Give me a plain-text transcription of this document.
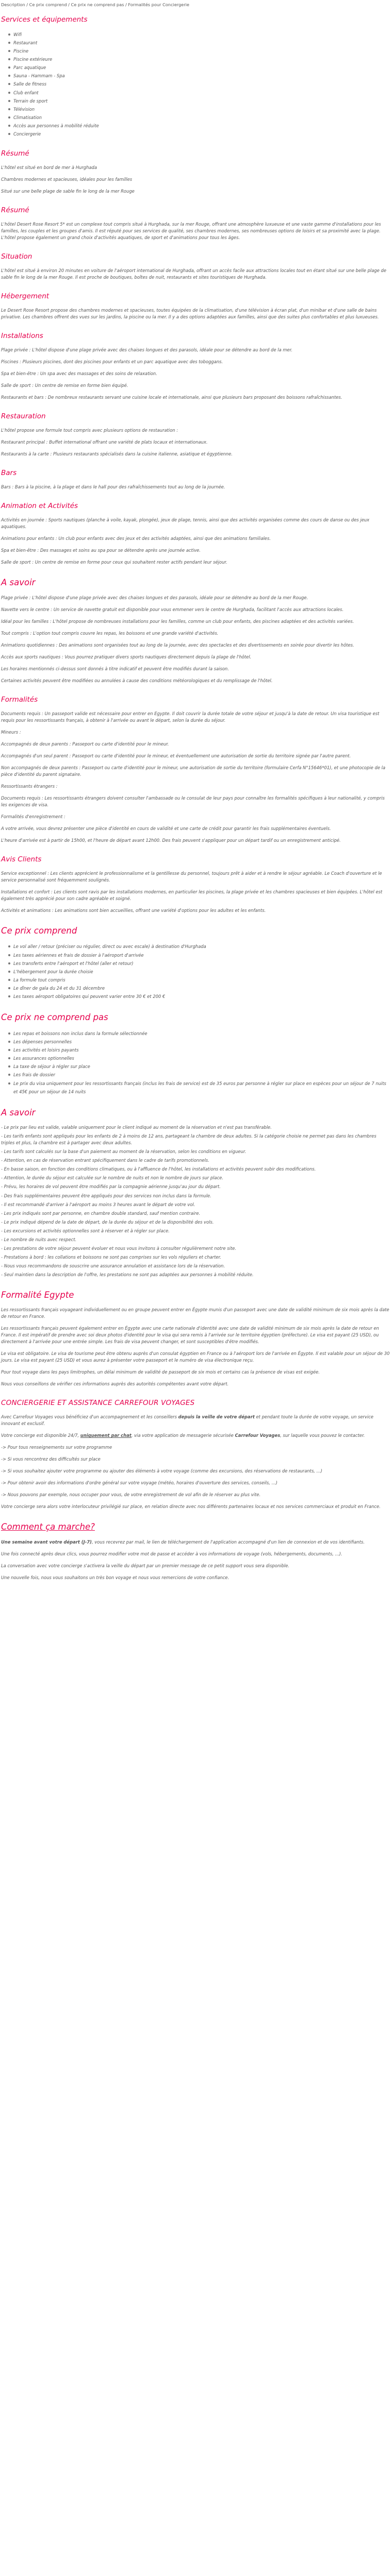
Description / Ce prix comprend / Ce prix ne comprend pas / Formalités pour Conciergerie
Services et équipements
Wifi
Restaurant
Piscine
Piscine extérieure
Parc aquatique
Sauna - Hammam - Spa
Salle de fitness
Club enfant
Terrain de sport
Télévision
Climatisation
Accès aux personnes à mobilité réduite
Conciergerie
Résumé

L'hôtel est situé en bord de mer à Hurghada

Chambres modernes et spacieuses, idéales pour les familles

Situé sur une belle plage de sable fin le long de la mer Rouge

Résumé

L'hôtel Desert Rose Resort 5* est un complexe tout compris situé à Hurghada, sur la mer Rouge, offrant une atmosphère luxueuse et une vaste gamme d'installations pour les familles, les couples et les groupes d'amis. Il est réputé pour ses services de qualité, ses chambres modernes, ses nombreuses options de loisirs et sa proximité avec la plage. L'hôtel propose également un grand choix d'activités aquatiques, de sport et d'animations pour tous les âges.

Situation

L'hôtel est situé à environ 20 minutes en voiture de l'aéroport international de Hurghada, offrant un accès facile aux attractions locales tout en étant situé sur une belle plage de sable fin le long de la mer Rouge. Il est proche de boutiques, boîtes de nuit, restaurants et sites touristiques de Hurghada.

Hébergement

Le Desert Rose Resort propose des chambres modernes et spacieuses, toutes équipées de la climatisation, d'une télévision à écran plat, d'un minibar et d'une salle de bains privative. Les chambres offrent des vues sur les jardins, la piscine ou la mer. Il y a des options adaptées aux familles, ainsi que des suites plus confortables et plus luxueuses.

Installations

Plage privée : L'hôtel dispose d'une plage privée avec des chaises longues et des parasols, idéale pour se détendre au bord de la mer.

Piscines : Plusieurs piscines, dont des piscines pour enfants et un parc aquatique avec des toboggans.

Spa et bien-être : Un spa avec des massages et des soins de relaxation.

Salle de sport : Un centre de remise en forme bien équipé.

Restaurants et bars : De nombreux restaurants servant une cuisine locale et internationale, ainsi que plusieurs bars proposant des boissons rafraîchissantes.

Restauration

L'hôtel propose une formule tout compris avec plusieurs options de restauration :

Restaurant principal : Buffet international offrant une variété de plats locaux et internationaux.

Restaurants à la carte : Plusieurs restaurants spécialisés dans la cuisine italienne, asiatique et égyptienne.

Bars

Bars : Bars à la piscine, à la plage et dans le hall pour des rafraîchissements tout au long de la journée.

Animation et Activités

Activités en journée : Sports nautiques (planche à voile, kayak, plongée), jeux de plage, tennis, ainsi que des activités organisées comme des cours de danse ou des jeux aquatiques.

Animations pour enfants : Un club pour enfants avec des jeux et des activités adaptées, ainsi que des animations familiales.

Spa et bien-être : Des massages et soins au spa pour se détendre après une journée active.

Salle de sport : Un centre de remise en forme pour ceux qui souhaitent rester actifs pendant leur séjour.

A savoir

Plage privée : L'hôtel dispose d'une plage privée avec des chaises longues et des parasols, idéale pour se détendre au bord de la mer Rouge.

Navette vers le centre : Un service de navette gratuit est disponible pour vous emmener vers le centre de Hurghada, facilitant l'accès aux attractions locales.

Idéal pour les familles : L'hôtel propose de nombreuses installations pour les familles, comme un club pour enfants, des piscines adaptées et des activités variées.

Tout compris : L'option tout compris couvre les repas, les boissons et une grande variété d'activités.

Animations quotidiennes : Des animations sont organisées tout au long de la journée, avec des spectacles et des divertissements en soirée pour divertir les hôtes.

Accès aux sports nautiques : Vous pourrez pratiquer divers sports nautiques directement depuis la plage de l'hôtel.

Les horaires mentionnés ci-dessus sont donnés à titre indicatif et peuvent être modifiés durant la saison.

Certaines activités peuvent être modifiées ou annulées à cause des conditions météorologiques et du remplissage de l'hôtel.

Formalités

Documents requis : Un passeport valide est nécessaire pour entrer en Egypte. Il doit couvrir la durée totale de votre séjour et jusqu'à la date de retour. Un visa touristique est requis pour les ressortissants français, à obtenir à l'arrivée ou avant le départ, selon la durée du séjour.

Mineurs :

Accompagnés de deux parents : Passeport ou carte d'identité pour le mineur.

Accompagnés d'un seul parent : Passeport ou carte d'identité pour le mineur, et éventuellement une autorisation de sortie du territoire signée par l'autre parent.

Non accompagnés de deux parents : Passeport ou carte d'identité pour le mineur, une autorisation de sortie du territoire (formulaire Cerfa N°15646*01), et une photocopie de la pièce d'identité du parent signataire.

Ressortissants étrangers :

Documents requis : Les ressortissants étrangers doivent consulter l'ambassade ou le consulat de leur pays pour connaître les formalités spécifiques à leur nationalité, y compris les exigences de visa.

Formalités d'enregistrement :

A votre arrivée, vous devrez présenter une pièce d'identité en cours de validité et une carte de crédit pour garantir les frais supplémentaires éventuels.

L'heure d'arrivée est à partir de 15h00, et l'heure de départ avant 12h00. Des frais peuvent s'appliquer pour un départ tardif ou un enregistrement anticipé.

Avis Clients

Service exceptionnel : Les clients apprécient le professionnalisme et la gentillesse du personnel, toujours prêt à aider et à rendre le séjour agréable. Le Coach d'ouverture et le service personnalisé sont fréquemment soulignés.

Installations et confort : Les clients sont ravis par les installations modernes, en particulier les piscines, la plage privée et les chambres spacieuses et bien équipées. L'hôtel est également très apprécié pour son cadre agréable et soigné.

Activités et animations : Les animations sont bien accueillies, offrant une variété d'options pour les adultes et les enfants.

Ce prix comprend
Le vol aller / retour (préciser ou régulier, direct ou avec escale) à destination d'Hurghada
Les taxes aériennes et frais de dossier à l'aéroport d'arrivée
Les transferts entre l'aéroport et l'hôtel (aller et retour)
L'hébergement pour la durée choisie
La formule tout compris
Le dîner de gala du 24 et du 31 décembre
Les taxes aéroport obligatoires qui peuvent varier entre 30 € et 200 €
Ce prix ne comprend pas
Les repas et boissons non inclus dans la formule sélectionnée
Les dépenses personnelles
Les activités et loisirs payants
Les assurances optionnelles
La taxe de séjour à régler sur place
Les frais de dossier
Le prix du visa uniquement pour les ressortissants français (inclus les frais de service) est de 35 euros par personne à régler sur place en espèces pour un séjour de 7 nuits et 45€ pour un séjour de 14 nuits
A savoir
- Le prix par lieu est valide, valable uniquement pour le client indiqué au moment de la réservation et n'est pas transférable.
- Les tarifs enfants sont appliqués pour les enfants de 2 à moins de 12 ans, partageant la chambre de deux adultes. Si la catégorie choisie ne permet pas dans les chambres triples et plus, la chambre est à partager avec deux adultes.
- Les tarifs sont calculés sur la base d'un paiement au moment de la réservation, selon les conditions en vigueur.
- Attention, en cas de réservation entrant spécifiquement dans le cadre de tarifs promotionnels.
- En basse saison, en fonction des conditions climatiques, ou à l'affluence de l'hôtel, les installations et activités peuvent subir des modifications.
- Attention, le durée du séjour est calculée sur le nombre de nuits et non le nombre de jours sur place.
- Prévu, les horaires de vol peuvent être modifiés par la compagnie aérienne jusqu'au jour du départ.
- Des frais supplémentaires peuvent être appliqués pour des services non inclus dans la formule.
- Il est recommandé d'arriver à l'aéroport au moins 3 heures avant le départ de votre vol.
- Les prix indiqués sont par personne, en chambre double standard, sauf mention contraire.
- Le prix indiqué dépend de la date de départ, de la durée du séjour et de la disponibilité des vols.
- Les excursions et activités optionnelles sont à réserver et à régler sur place.
- Le nombre de nuits avec respect.
- Les prestations de votre séjour peuvent évoluer et nous vous invitons à consulter régulièrement notre site.
- Prestations à bord : les collations et boissons ne sont pas comprises sur les vols réguliers et charter.
- Nous vous recommandons de souscrire une assurance annulation et assistance lors de la réservation.
- Seul maintien dans la description de l'offre, les prestations ne sont pas adaptées aux personnes à mobilité réduite.
Formalité Egypte

Les ressortissants français voyageant individuellement ou en groupe peuvent entrer en Égypte munis d'un passeport avec une date de validité minimum de six mois après la date de retour en France.

Les ressortissants français peuvent également entrer en Égypte avec une carte nationale d'identité avec une date de validité minimum de six mois après la date de retour en France. Il est impératif de prendre avec soi deux photos d'identité pour le visa qui sera remis à l'arrivée sur le territoire égyptien (préfecture). Le visa est payant (25 USD), ou directement à l'arrivée pour une entrée simple. Les frais de visa peuvent changer, et sont susceptibles d'être modifiés.

Le visa est obligatoire. Le visa de tourisme peut être obtenu auprès d'un consulat égyptien en France ou à l'aéroport lors de l'arrivée en Égypte. Il est valable pour un séjour de 30 jours. Le visa est payant (25 USD) et vous aurez à présenter votre passeport et le numéro de visa électronique reçu.

Pour tout voyage dans les pays limitrophes, un délai minimum de validité de passeport de six mois et certains cas la présence de visas est exigée.

Nous vous conseillons de vérifier ces informations auprès des autorités compétentes avant votre départ.

CONCIERGERIE ET ASSISTANCE CARREFOUR VOYAGES

Avec Carrefour Voyages vous bénéficiez d'un accompagnement et les conseillers depuis la veille de votre départ et pendant toute la durée de votre voyage, un service innovant et exclusif.

Votre concierge est disponible 24/7, uniquement par chat, via votre application de messagerie sécurisée Carrefour Voyages, sur laquelle vous pouvez le contacter.

-> Pour tous renseignements sur votre programme
-> Si vous rencontrez des difficultés sur place
-> Si vous souhaitez ajouter votre programme ou ajouter des éléments à votre voyage (comme des excursions, des réservations de restaurants, ...)
-> Pour obtenir avoir des informations d'ordre général sur votre voyage (météo, horaires d'ouverture des services, conseils, ...)
-> Nous pouvons par exemple, nous occuper pour vous, de votre enregistrement de vol afin de le réserver au plus vite.

Votre concierge sera alors votre interlocuteur privilégié sur place, en relation directe avec nos différents partenaires locaux et nos services commerciaux et produit en France.

Comment ça marche?

Une semaine avant votre départ (J-7), vous recevrez par mail, le lien de téléchargement de l'application accompagné d'un lien de connexion et de vos identifiants.

Une fois connecté après deux clics, vous pourrez modifier votre mot de passe et accéder à vos informations de voyage (vols, hébergements, documents, ...).

La conversation avec votre concierge s'activera la veille du départ par un premier message de ce petit support vous sera disponible.

Une nouvelle fois, nous vous souhaitons un très bon voyage et nous vous remercions de votre confiance.
